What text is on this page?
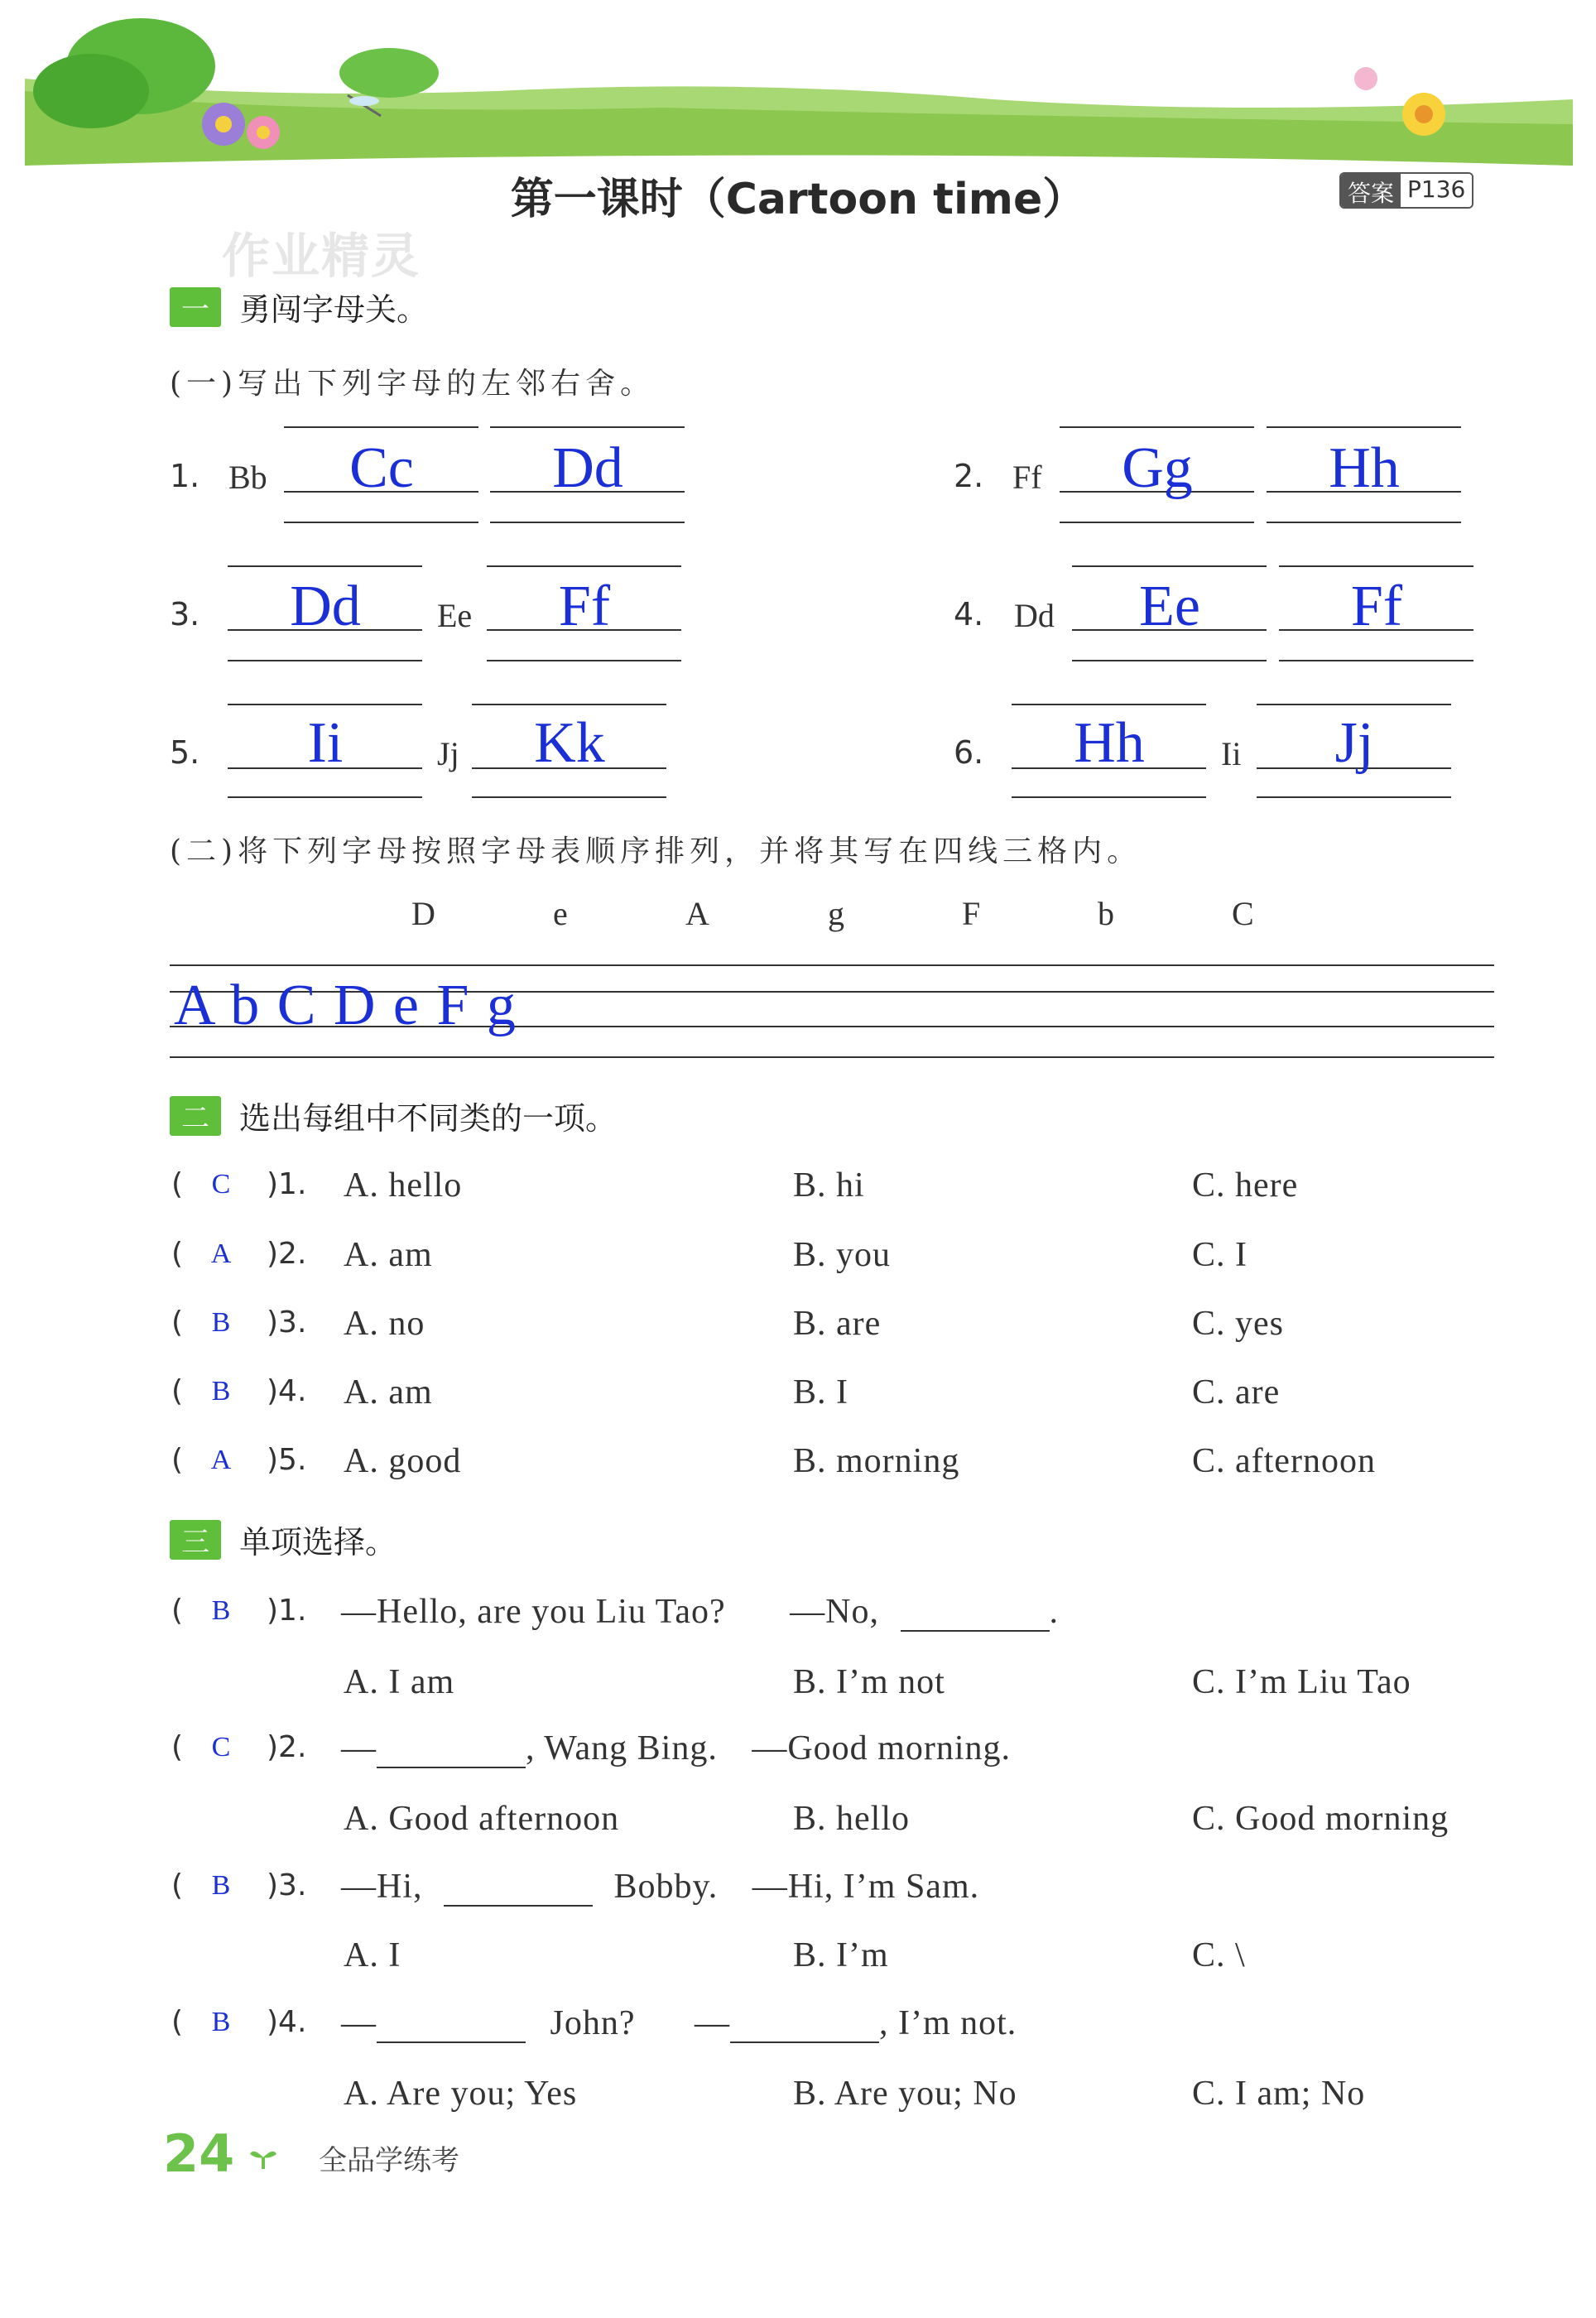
第一课时（Cartoon time）	答案 P136
作业精灵
一 勇闯字母关。
(一)写出下列字母的左邻右舍。
1. Bb	Cc	Dd	2. Ff	Gg	Hh
3.	Dd	Ee	Ff	4. Dd	Ee	Ff
5.	Ii	Jj	Kk	6.	Hh	Ii	Jj
(二)将下列字母按照字母表顺序排列，并将其写在四线三格内。
D	e	A	g	F	b	C
A b C D e F g
二 选出每组中不同类的一项。
( C )1. A. hello	B. hi	C. here
( A )2. A. am	B. you	C. I
( B )3. A. no	B. are	C. yes
( B )4. A. am	B. I	C. are
( A )5. A. good	B. morning	C. afternoon
三 单项选择。
( B )1. —Hello, are you Liu Tao? —No,	.
A. I am	B. I’m not	C. I’m Liu Tao
( C )2. —	, Wang Bing. —Good morning.
A. Good afternoon	B. hello	C. Good morning
( B )3. —Hi,	Bobby. —Hi, I’m Sam.
A. I	B. I’m	C. \
( B )4. —	John? —	, I’m not.
A. Are you; Yes	B. Are you; No	C. I am; No
24	全品学练考
